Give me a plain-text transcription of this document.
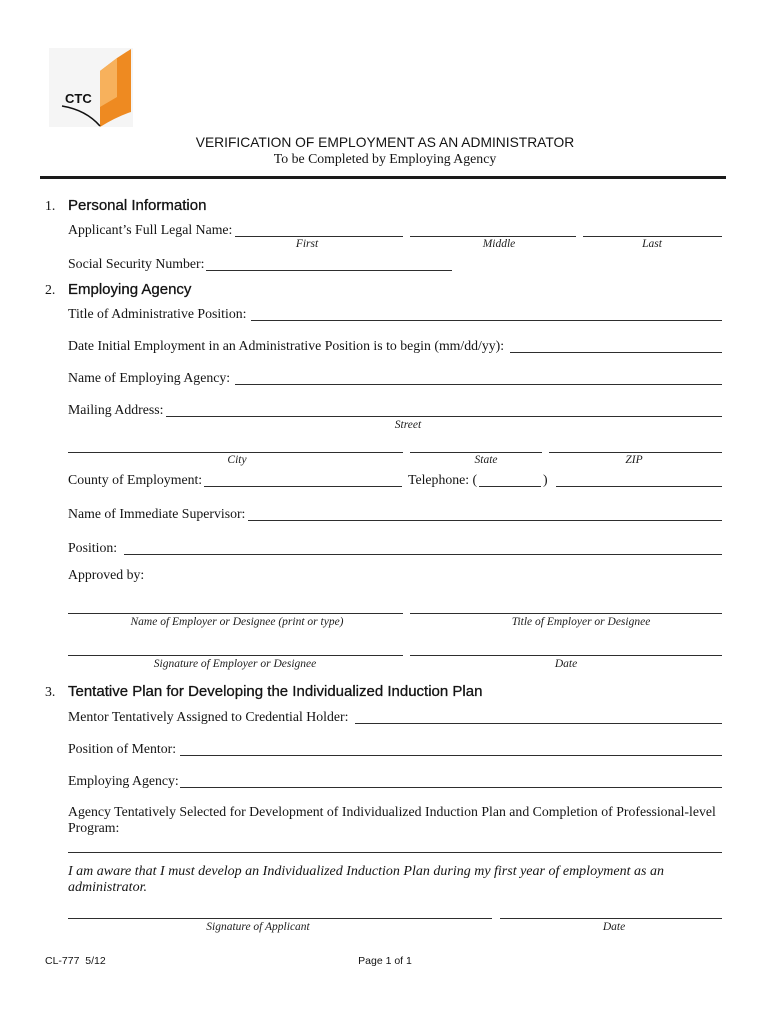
CTC
VERIFICATION OF EMPLOYMENT AS AN ADMINISTRATOR
To be Completed by Employing Agency
1. Personal Information
Applicant’s Full Legal Name:
First	Middle	Last
Social Security Number:
2. Employing Agency
Title of Administrative Position:
Date Initial Employment in an Administrative Position is to begin (mm/dd/yy):
Name of Employing Agency:
Mailing Address:
Street
City	State	ZIP
County of Employment:	Telephone: (	)
Name of Immediate Supervisor:
Position:
Approved by:
Name of Employer or Designee (print or type)	Title of Employer or Designee
Signature of Employer or Designee	Date
3. Tentative Plan for Developing the Individualized Induction Plan
Mentor Tentatively Assigned to Credential Holder:
Position of Mentor:
Employing Agency:
Agency Tentatively Selected for Development of Individualized Induction Plan and Completion of Professional-level
Program:
I am aware that I must develop an Individualized Induction Plan during my first year of employment as an
administrator.
Signature of Applicant	Date
CL-777  5/12	Page 1 of 1
